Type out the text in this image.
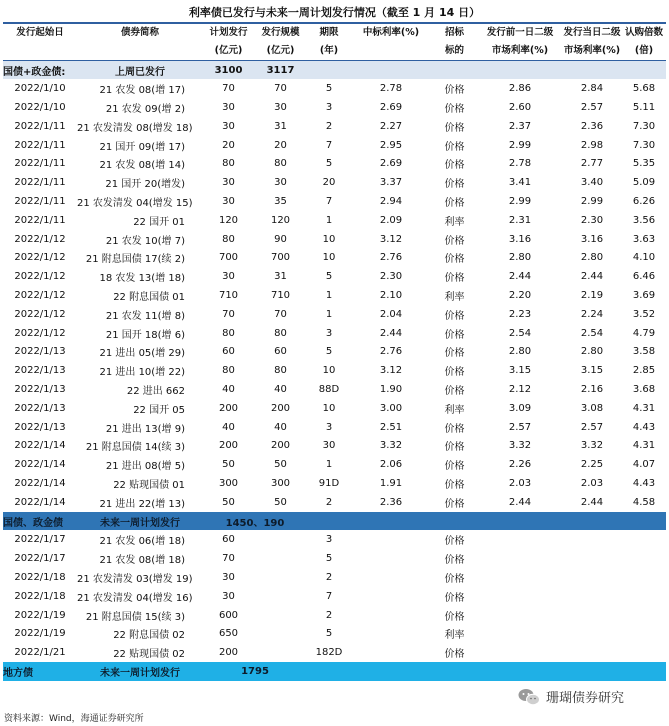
利率债已发行与未来一周计划发行情况（截至 1 月 14 日）
发行起始日	债券简称	计划发行	发行规模	期限	中标利率(%)	招标	发行前一日二级	发行当日二级	认购倍数
		(亿元)	(亿元)	(年)		标的	市场利率(%)	市场利率(%)	(倍)
国债+政金债:	上周已发行	3100	3117						
2022/1/10	21 农发 08(增 17)	70	70	5	2.78	价格	2.86	2.84	5.68
2022/1/10	21 农发 09(增 2)	30	30	3	2.69	价格	2.60	2.57	5.11
2022/1/11	21 农发清发 08(增发 18)	30	31	2	2.27	价格	2.37	2.36	7.30
2022/1/11	21 国开 09(增 17)	20	20	7	2.95	价格	2.99	2.98	7.30
2022/1/11	21 农发 08(增 14)	80	80	5	2.69	价格	2.78	2.77	5.35
2022/1/11	21 国开 20(增发)	30	30	20	3.37	价格	3.41	3.40	5.09
2022/1/11	21 农发清发 04(增发 15)	30	35	7	2.94	价格	2.99	2.99	6.26
2022/1/11	22 国开 01	120	120	1	2.09	利率	2.31	2.30	3.56
2022/1/12	21 农发 10(增 7)	80	90	10	3.12	价格	3.16	3.16	3.63
2022/1/12	21 附息国债 17(续 2)	700	700	10	2.76	价格	2.80	2.80	4.10
2022/1/12	18 农发 13(增 18)	30	31	5	2.30	价格	2.44	2.44	6.46
2022/1/12	22 附息国债 01	710	710	1	2.10	利率	2.20	2.19	3.69
2022/1/12	21 农发 11(增 8)	70	70	1	2.04	价格	2.23	2.24	3.52
2022/1/12	21 国开 18(增 6)	80	80	3	2.44	价格	2.54	2.54	4.79
2022/1/13	21 进出 05(增 29)	60	60	5	2.76	价格	2.80	2.80	3.58
2022/1/13	21 进出 10(增 22)	80	80	10	3.12	价格	3.15	3.15	2.85
2022/1/13	22 进出 662	40	40	88D	1.90	价格	2.12	2.16	3.68
2022/1/13	22 国开 05	200	200	10	3.00	利率	3.09	3.08	4.31
2022/1/13	21 进出 13(增 9)	40	40	3	2.51	价格	2.57	2.57	4.43
2022/1/14	21 附息国债 14(续 3)	200	200	30	3.32	价格	3.32	3.32	4.31
2022/1/14	21 进出 08(增 5)	50	50	1	2.06	价格	2.26	2.25	4.07
2022/1/14	22 贴现国债 01	300	300	91D	1.91	价格	2.03	2.03	4.43
2022/1/14	21 进出 22(增 13)	50	50	2	2.36	价格	2.44	2.44	4.58
国债、政金债	未来一周计划发行	1450、190							
2022/1/17	21 农发 06(增 18)	60		3		价格			
2022/1/17	21 农发 08(增 18)	70		5		价格			
2022/1/18	21 农发清发 03(增发 19)	30		2		价格			
2022/1/18	21 农发清发 04(增发 16)	30		7		价格			
2022/1/19	21 附息国债 15(续 3)	600		2		价格			
2022/1/19	22 附息国债 02	650		5		利率			
2022/1/21	22 贴现国债 02	200		182D		价格			
地方债	未来一周计划发行	1795							
珊瑚债券研究
资料来源：Wind，海通证券研究所
